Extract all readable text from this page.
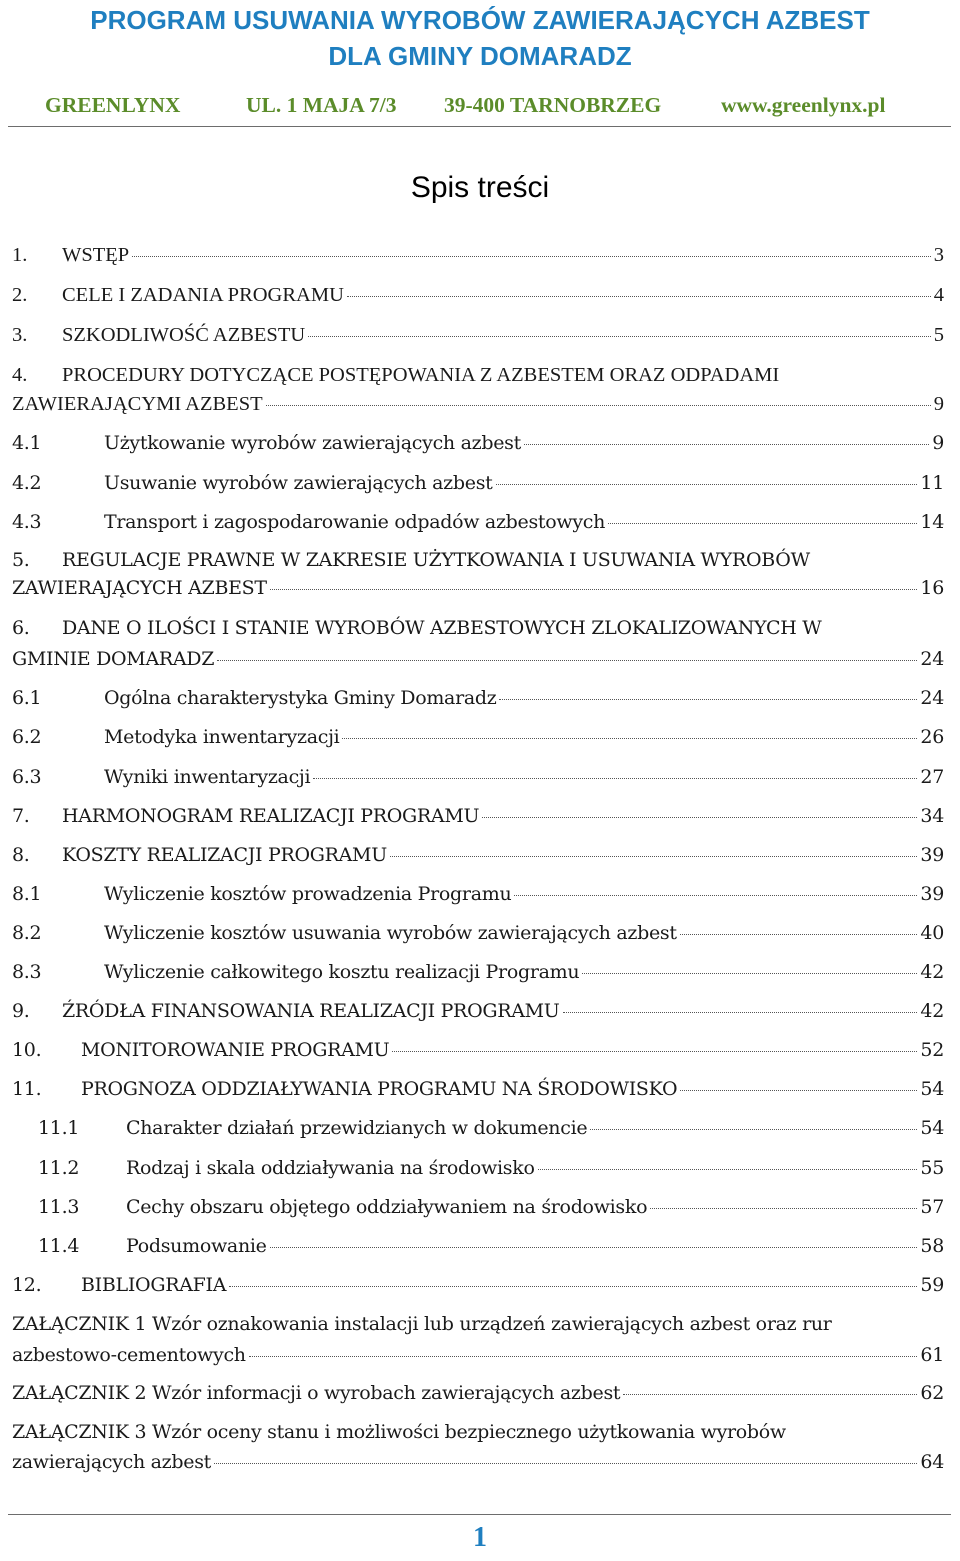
PROGRAM USUWANIA WYROBÓW ZAWIERAJĄCYCH AZBEST
DLA GMINY DOMARADZ
GREENLYNX	UL. 1 MAJA 7/3 39-400 TARNOBRZEG	www.greenlynx.pl
Spis treści
1.	WSTĘP	3
2.	CELE I ZADANIA PROGRAMU	4
3.	SZKODLIWOŚĆ AZBESTU	5
4. PROCEDURY DOTYCZĄCE POSTĘPOWANIA Z AZBESTEM ORAZ ODPADAMI
ZAWIERAJĄCYMI AZBEST	9
4.1	Użytkowanie wyrobów zawierających azbest	9
4.2	Usuwanie wyrobów zawierających azbest	11
4.3	Transport i zagospodarowanie odpadów azbestowych	14
5. REGULACJE PRAWNE W ZAKRESIE UŻYTKOWANIA I USUWANIA WYROBÓW
ZAWIERAJĄCYCH AZBEST	16
6. DANE O ILOŚCI I STANIE WYROBÓW AZBESTOWYCH ZLOKALIZOWANYCH W
GMINIE DOMARADZ	24
6.1	Ogólna charakterystyka Gminy Domaradz	24
6.2	Metodyka inwentaryzacji	26
6.3	Wyniki inwentaryzacji	27
7.	HARMONOGRAM REALIZACJI PROGRAMU	34
8.	KOSZTY REALIZACJI PROGRAMU	39
8.1	Wyliczenie kosztów prowadzenia Programu	39
8.2	Wyliczenie kosztów usuwania wyrobów zawierających azbest	40
8.3	Wyliczenie całkowitego kosztu realizacji Programu	42
9.	ŹRÓDŁA FINANSOWANIA REALIZACJI PROGRAMU	42
10.	MONITOROWANIE PROGRAMU	52
11.	PROGNOZA ODDZIAŁYWANIA PROGRAMU NA ŚRODOWISKO	54
11.1	Charakter działań przewidzianych w dokumencie	54
11.2	Rodzaj i skala oddziaływania na środowisko	55
11.3	Cechy obszaru objętego oddziaływaniem na środowisko	57
11.4	Podsumowanie	58
12.	BIBLIOGRAFIA	59
ZAŁĄCZNIK 1 Wzór oznakowania instalacji lub urządzeń zawierających azbest oraz rur
azbestowo-cementowych	61
ZAŁĄCZNIK 2 Wzór informacji o wyrobach zawierających azbest	62
ZAŁĄCZNIK 3 Wzór oceny stanu i możliwości bezpiecznego użytkowania wyrobów
zawierających azbest	64
1
